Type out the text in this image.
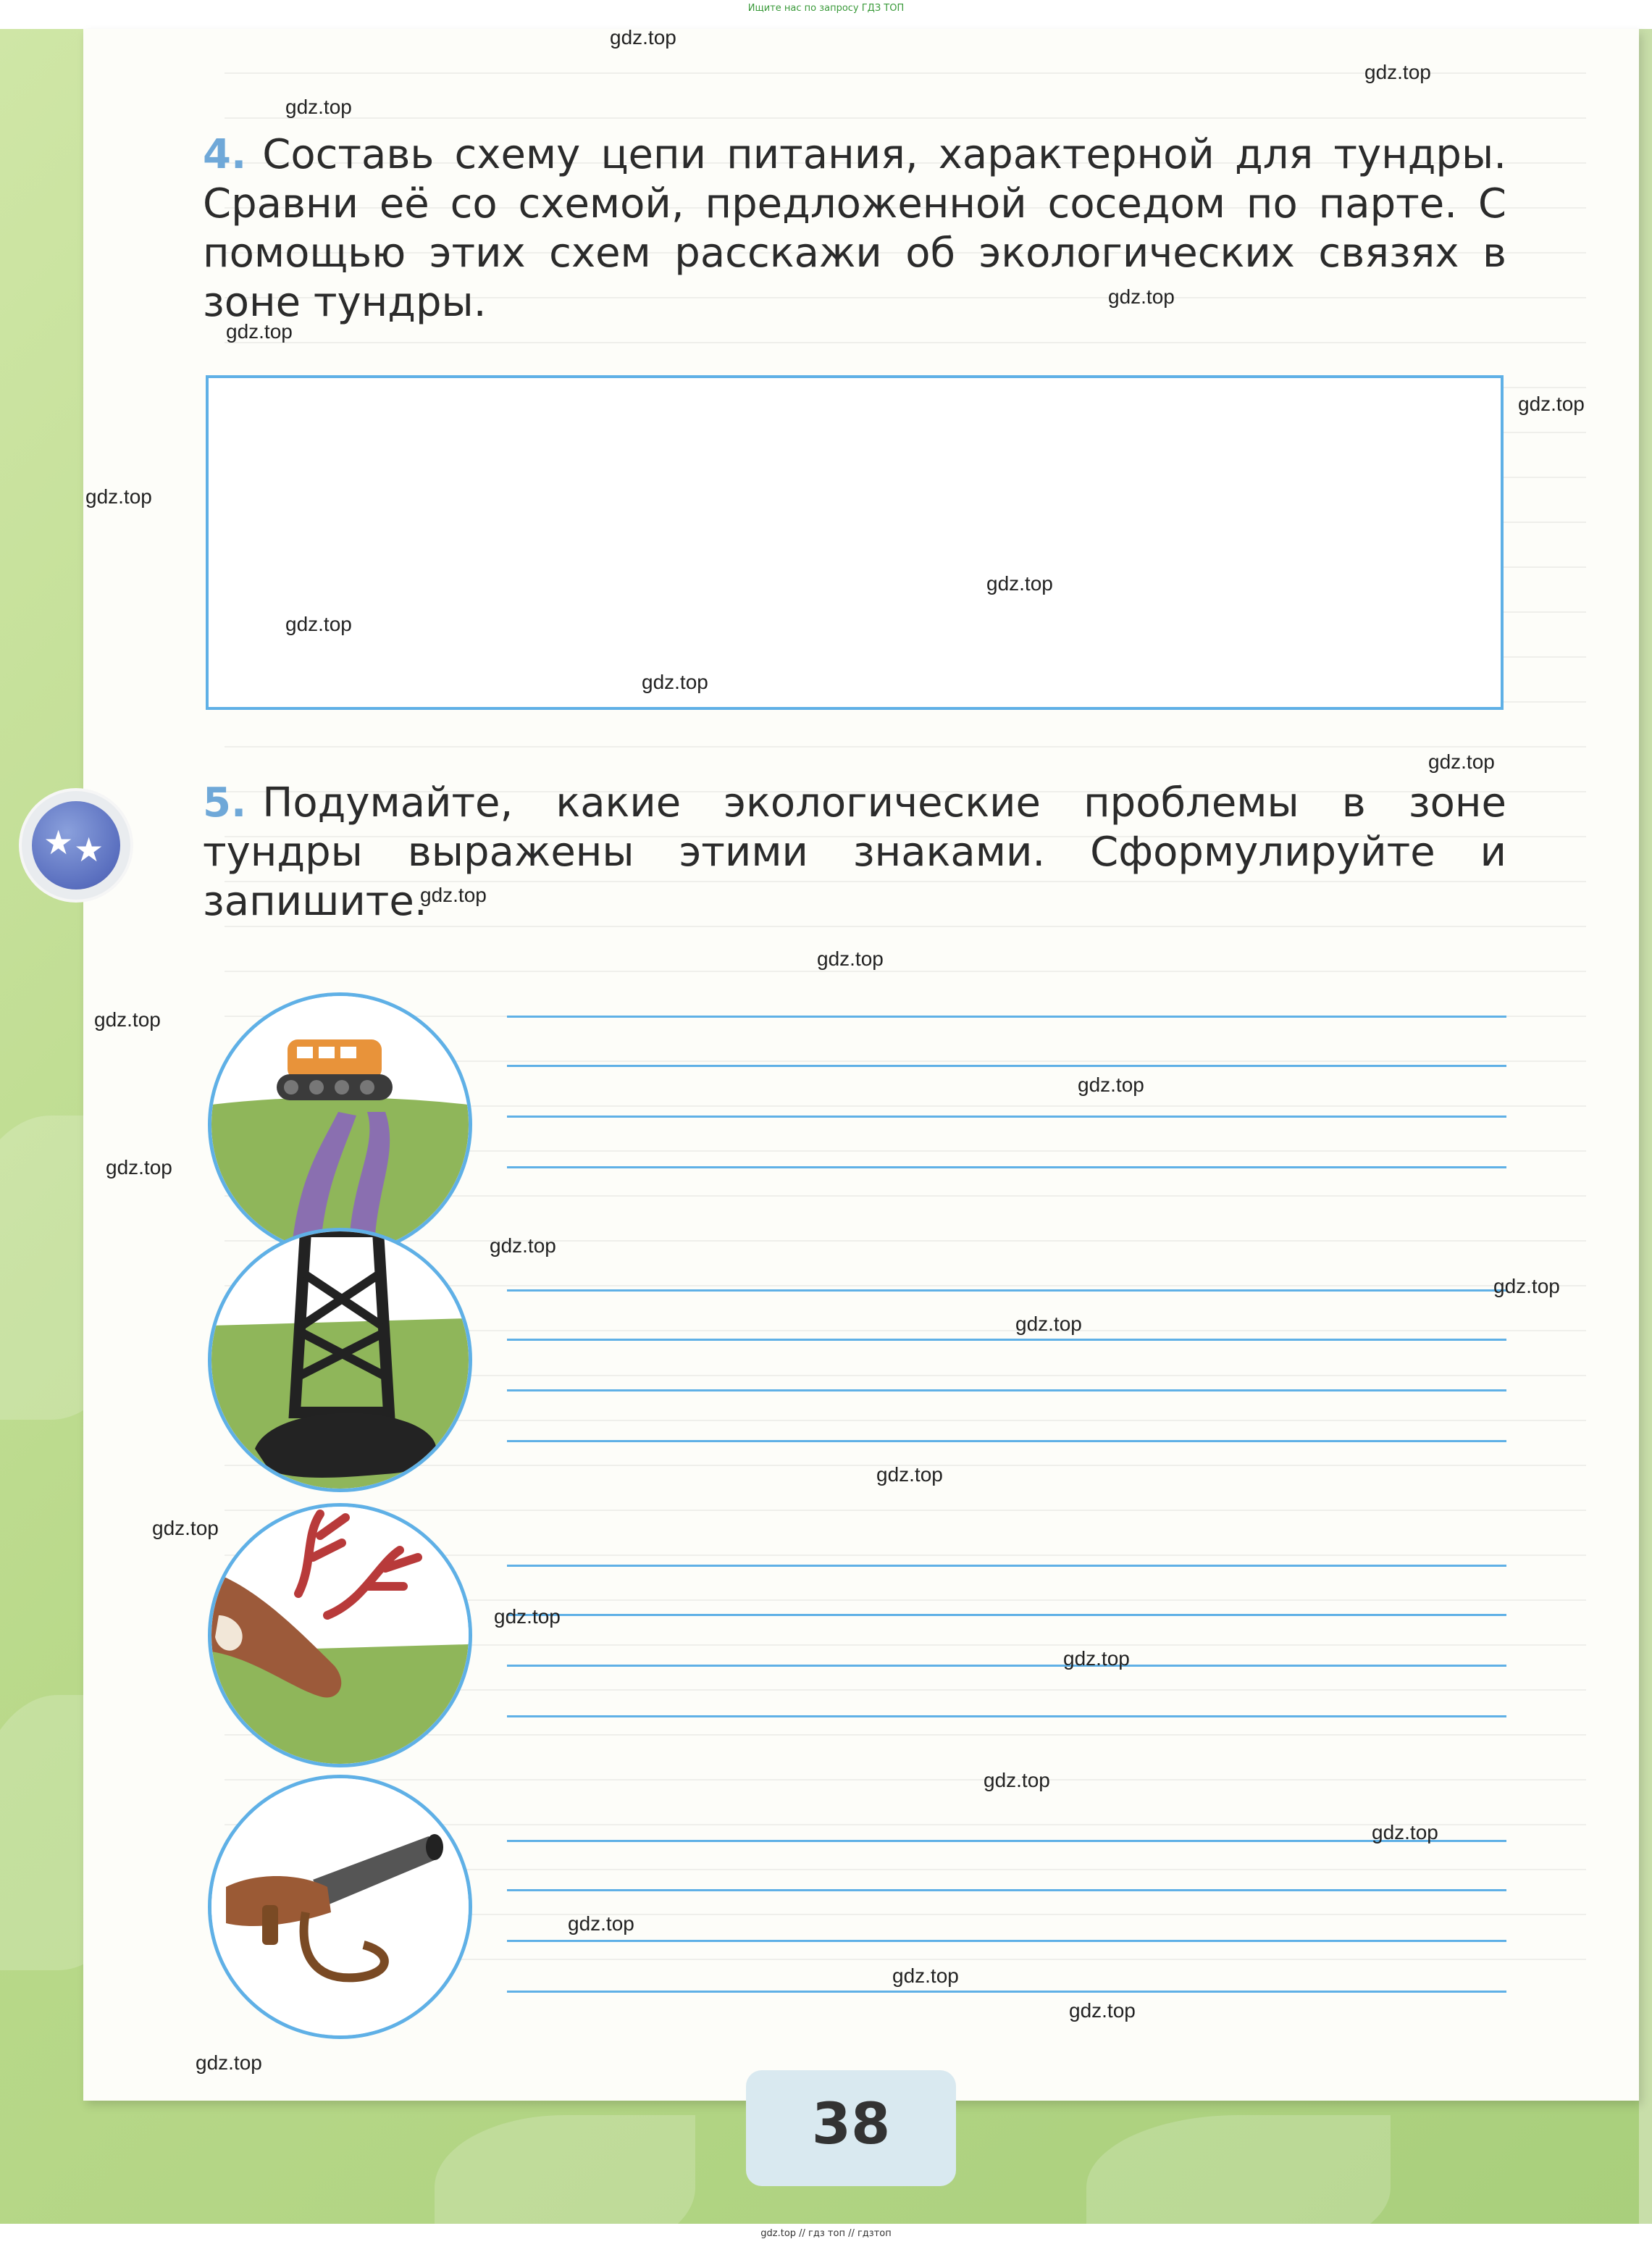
Ищите нас по запросу ГДЗ ТОП
4. Составь схему цепи питания, характерной для тундры. Сравни её со схемой, предложенной соседом по парте. С помощью этих схем расскажи об экологических связях в зоне тундры.
★ ★
5. Подумайте, какие экологические проблемы в зоне тундры выражены этими знаками. Сформулируйте и запишите.
38
gdz.top
gdz.top
gdz.top
gdz.top
gdz.top
gdz.top
gdz.top
gdz.top
gdz.top
gdz.top
gdz.top
gdz.top
gdz.top
gdz.top
gdz.top
gdz.top
gdz.top
gdz.top
gdz.top
gdz.top
gdz.top
gdz.top
gdz.top
gdz.top
gdz.top
gdz.top
gdz.top
gdz.top
gdz.top
gdz.top // гдз топ // гдзтоп
